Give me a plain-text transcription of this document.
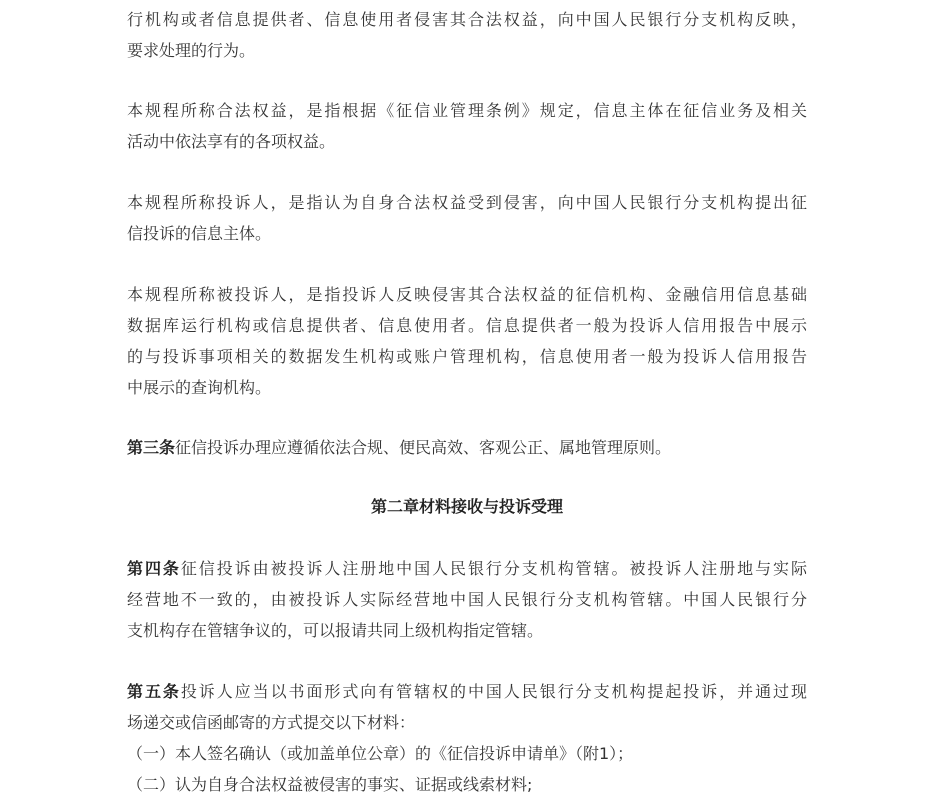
行机构或者信息提供者、信息使用者侵害其合法权益，向中国人民银行分支机构反映，
要求处理的行为。
本规程所称合法权益，是指根据《征信业管理条例》规定，信息主体在征信业务及相关
活动中依法享有的各项权益。
本规程所称投诉人，是指认为自身合法权益受到侵害，向中国人民银行分支机构提出征
信投诉的信息主体。
本规程所称被投诉人，是指投诉人反映侵害其合法权益的征信机构、金融信用信息基础
数据库运行机构或信息提供者、信息使用者。信息提供者一般为投诉人信用报告中展示
的与投诉事项相关的数据发生机构或账户管理机构，信息使用者一般为投诉人信用报告
中展示的查询机构。
第三条征信投诉办理应遵循依法合规、便民高效、客观公正、属地管理原则。
第二章材料接收与投诉受理
第四条征信投诉由被投诉人注册地中国人民银行分支机构管辖。被投诉人注册地与实际
经营地不一致的，由被投诉人实际经营地中国人民银行分支机构管辖。中国人民银行分
支机构存在管辖争议的，可以报请共同上级机构指定管辖。
第五条投诉人应当以书面形式向有管辖权的中国人民银行分支机构提起投诉，并通过现
场递交或信函邮寄的方式提交以下材料：
（一）本人签名确认（或加盖单位公章）的《征信投诉申请单》（附1）；
（二）认为自身合法权益被侵害的事实、证据或线索材料;
